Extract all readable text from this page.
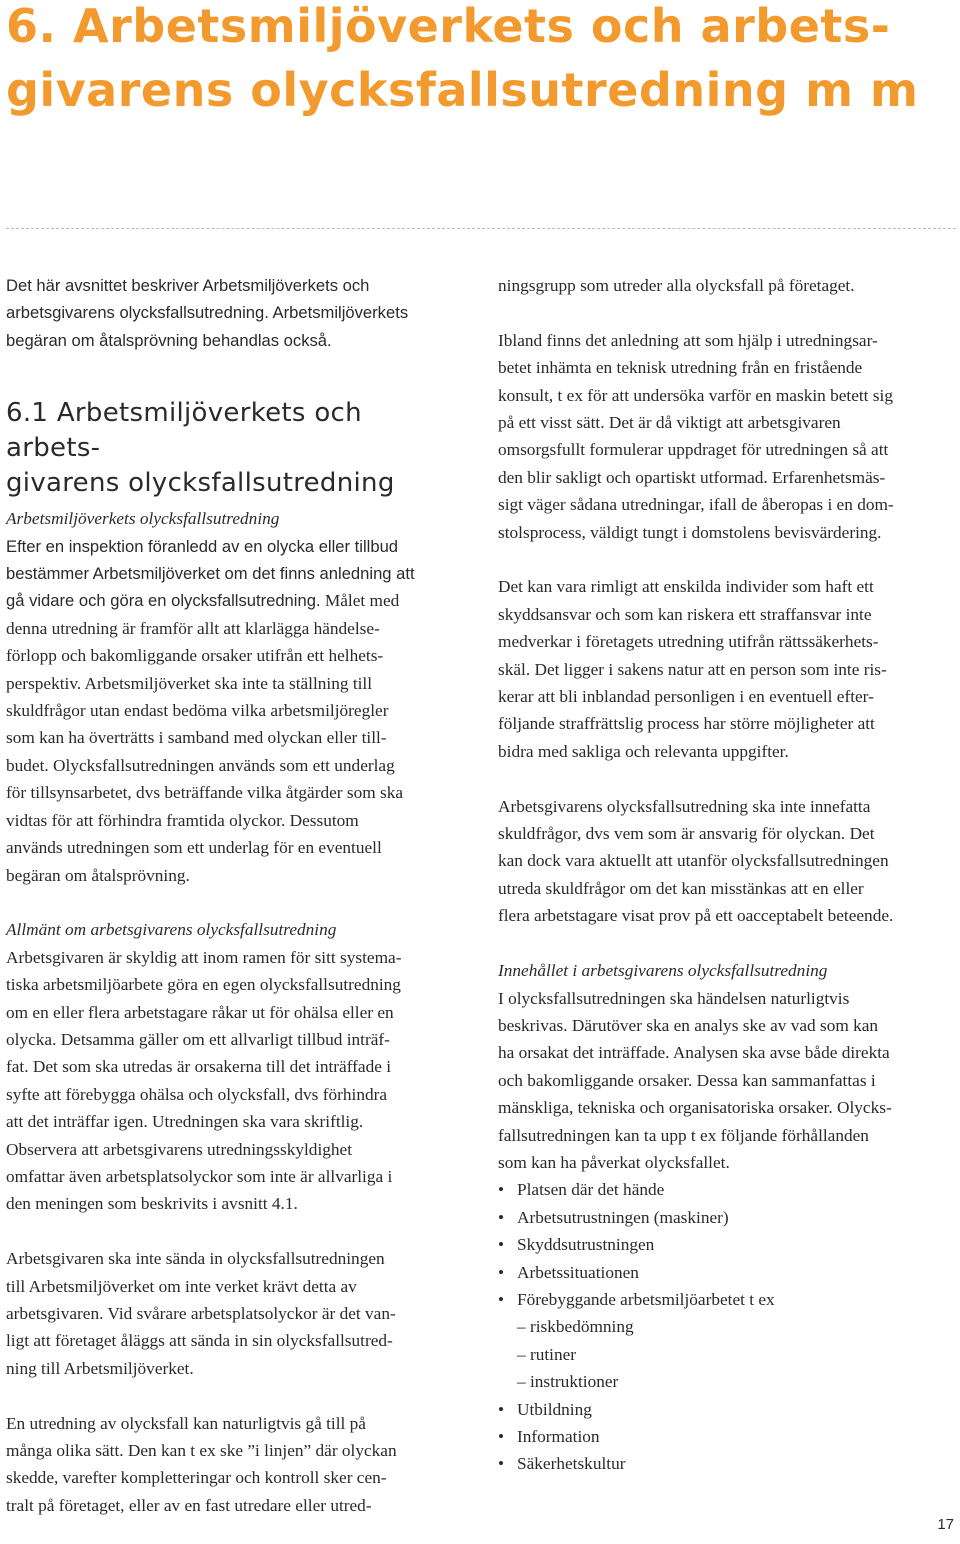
6. Arbetsmiljöverkets och arbets-
givarens olycksfallsutredning m m

Det här avsnittet beskriver Arbetsmiljöverkets och
arbetsgivarens olycksfallsutredning. Arbetsmiljöverkets
begäran om åtalsprövning behandlas också.

6.1 Arbetsmiljöverkets och arbets-
givarens olycksfallsutredning

Arbetsmiljöverkets olycksfallsutredning

Efter en inspektion föranledd av en olycka eller tillbud
bestämmer Arbetsmiljöverket om det finns anledning att
gå vidare och göra en olycksfallsutredning. Målet med
denna utredning är framför allt att klarlägga händelse-
förlopp och bakomliggande orsaker utifrån ett helhets-
perspektiv. Arbetsmiljöverket ska inte ta ställning till
skuldfrågor utan endast bedöma vilka arbetsmiljöregler
som kan ha överträtts i samband med olyckan eller till-
budet. Olycksfallsutredningen används som ett underlag
för tillsynsarbetet, dvs beträffande vilka åtgärder som ska
vidtas för att förhindra framtida olyckor. Dessutom
används utredningen som ett underlag för en eventuell
begäran om åtalsprövning.

Allmänt om arbetsgivarens olycksfallsutredning

Arbetsgivaren är skyldig att inom ramen för sitt systema-
tiska arbetsmiljöarbete göra en egen olycksfallsutredning
om en eller flera arbetstagare råkar ut för ohälsa eller en
olycka. Detsamma gäller om ett allvarligt tillbud inträf-
fat. Det som ska utredas är orsakerna till det inträffade i
syfte att förebygga ohälsa och olycksfall, dvs förhindra
att det inträffar igen. Utredningen ska vara skriftlig.
Observera att arbetsgivarens utredningsskyldighet
omfattar även arbetsplatsolyckor som inte är allvarliga i
den meningen som beskrivits i avsnitt 4.1.

Arbetsgivaren ska inte sända in olycksfallsutredningen
till Arbetsmiljöverket om inte verket krävt detta av
arbetsgivaren. Vid svårare arbetsplatsolyckor är det van-
ligt att företaget åläggs att sända in sin olycksfallsutred-
ning till Arbetsmiljöverket.

En utredning av olycksfall kan naturligtvis gå till på
många olika sätt. Den kan t ex ske ”i linjen” där olyckan
skedde, varefter kompletteringar och kontroll sker cen-
tralt på företaget, eller av en fast utredare eller utred-

ningsgrupp som utreder alla olycksfall på företaget.

Ibland finns det anledning att som hjälp i utredningsar-
betet inhämta en teknisk utredning från en fristående
konsult, t ex för att undersöka varför en maskin betett sig
på ett visst sätt. Det är då viktigt att arbetsgivaren
omsorgsfullt formulerar uppdraget för utredningen så att
den blir sakligt och opartiskt utformad. Erfarenhetsmäs-
sigt väger sådana utredningar, ifall de åberopas i en dom-
stolsprocess, väldigt tungt i domstolens bevisvärdering.

Det kan vara rimligt att enskilda individer som haft ett
skyddsansvar och som kan riskera ett straffansvar inte
medverkar i företagets utredning utifrån rättssäkerhets-
skäl. Det ligger i sakens natur att en person som inte ris-
kerar att bli inblandad personligen i en eventuell efter-
följande straffrättslig process har större möjligheter att
bidra med sakliga och relevanta uppgifter.

Arbetsgivarens olycksfallsutredning ska inte innefatta
skuldfrågor, dvs vem som är ansvarig för olyckan. Det
kan dock vara aktuellt att utanför olycksfallsutredningen
utreda skuldfrågor om det kan misstänkas att en eller
flera arbetstagare visat prov på ett oacceptabelt beteende.

Innehållet i arbetsgivarens olycksfallsutredning

I olycksfallsutredningen ska händelsen naturligtvis
beskrivas. Därutöver ska en analys ske av vad som kan
ha orsakat det inträffade. Analysen ska avse både direkta
och bakomliggande orsaker. Dessa kan sammanfattas i
mänskliga, tekniska och organisatoriska orsaker. Olycks-
fallsutredningen kan ta upp t ex följande förhållanden
som kan ha påverkat olycksfallet.

• Platsen där det hände
• Arbetsutrustningen (maskiner)
• Skyddsutrustningen
• Arbetssituationen
• Förebyggande arbetsmiljöarbetet t ex
– riskbedömning
– rutiner
– instruktioner
• Utbildning
• Information
• Säkerhetskultur
17
